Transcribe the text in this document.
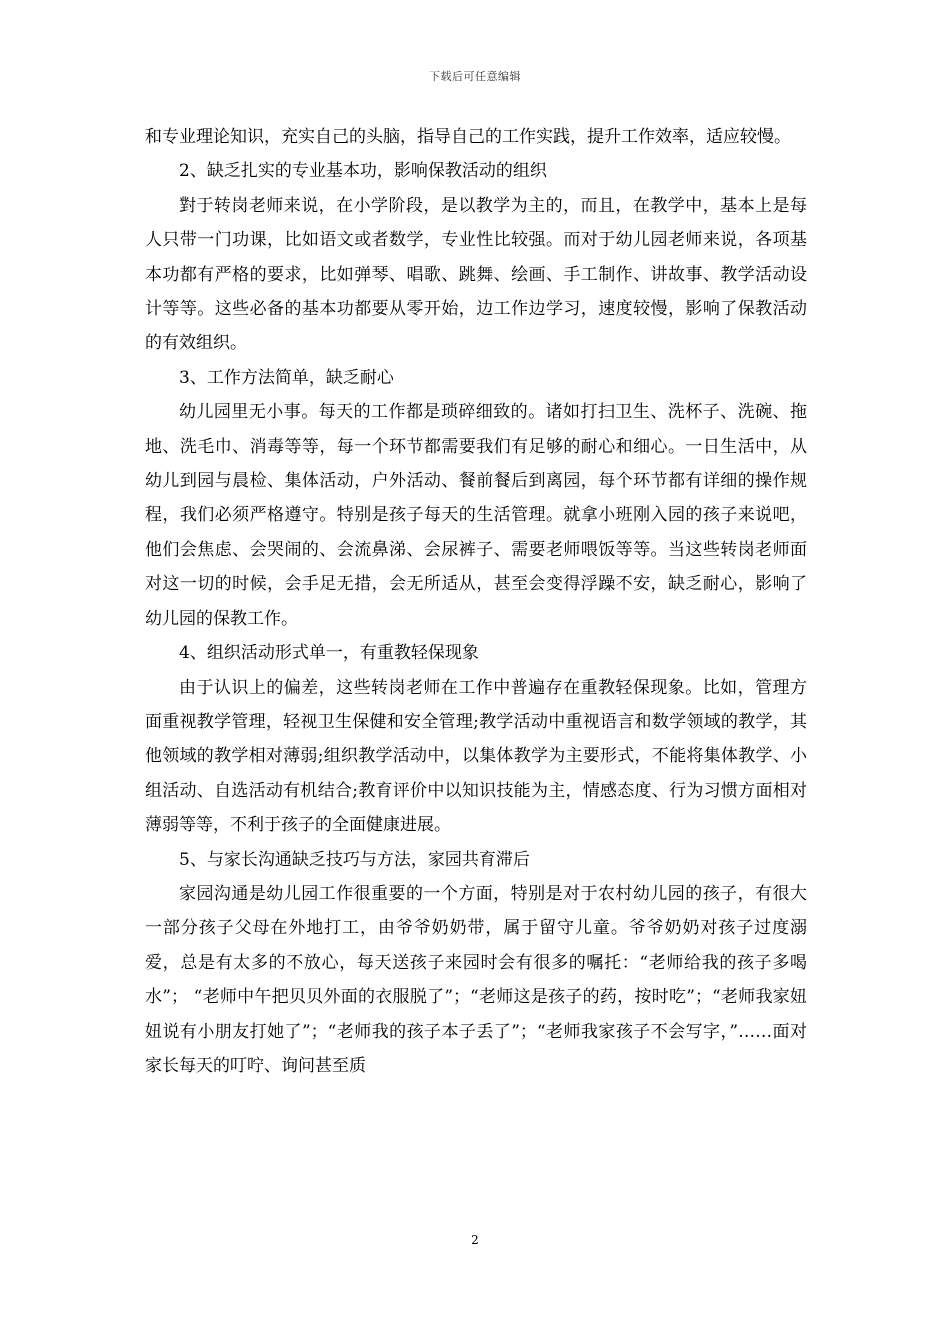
下载后可任意编辑

和专业理论知识，充实自己的头脑，指导自己的工作实践，提升工作效率，适应较慢。

2、缺乏扎实的专业基本功，影响保教活动的组织

對于转岗老师来说，在小学阶段，是以教学为主的，而且，在教学中，基本上是每人只带一门功课，比如语文或者数学，专业性比较强。而对于幼儿园老师来说，各项基本功都有严格的要求，比如弹琴、唱歌、跳舞、绘画、手工制作、讲故事、教学活动设计等等。这些必备的基本功都要从零开始，边工作边学习，速度较慢，影响了保教活动的有效组织。

3、工作方法简单，缺乏耐心

幼儿园里无小事。每天的工作都是琐碎细致的。诸如打扫卫生、洗杯子、洗碗、拖地、洗毛巾、消毒等等，每一个环节都需要我们有足够的耐心和细心。一日生活中，从幼儿到园与晨检、集体活动，户外活动、餐前餐后到离园，每个环节都有详细的操作规程，我们必须严格遵守。特别是孩子每天的生活管理。就拿小班刚入园的孩子来说吧，他们会焦虑、会哭闹的、会流鼻涕、会尿裤子、需要老师喂饭等等。当这些转岗老师面对这一切的时候，会手足无措，会无所适从，甚至会变得浮躁不安，缺乏耐心，影响了幼儿园的保教工作。

4、组织活动形式单一，有重教轻保现象

由于认识上的偏差，这些转岗老师在工作中普遍存在重教轻保现象。比如，管理方面重视教学管理，轻视卫生保健和安全管理;教学活动中重视语言和数学领域的教学，其他领域的教学相对薄弱;组织教学活动中，以集体教学为主要形式，不能将集体教学、小组活动、自选活动有机结合;教育评价中以知识技能为主，情感态度、行为习惯方面相对薄弱等等，不利于孩子的全面健康进展。

5、与家长沟通缺乏技巧与方法，家园共育滞后

家园沟通是幼儿园工作很重要的一个方面，特别是对于农村幼儿园的孩子，有很大一部分孩子父母在外地打工，由爷爷奶奶带，属于留守儿童。爷爷奶奶对孩子过度溺爱，总是有太多的不放心，每天送孩子来园时会有很多的嘱托：“老师给我的孩子多喝水”； “老师中午把贝贝外面的衣服脱了”；“老师这是孩子的药，按时吃”；“老师我家妞妞说有小朋友打她了”；“老师我的孩子本子丢了”；“老师我家孩子不会写字，”……面对家长每天的叮咛、询问甚至质

2
